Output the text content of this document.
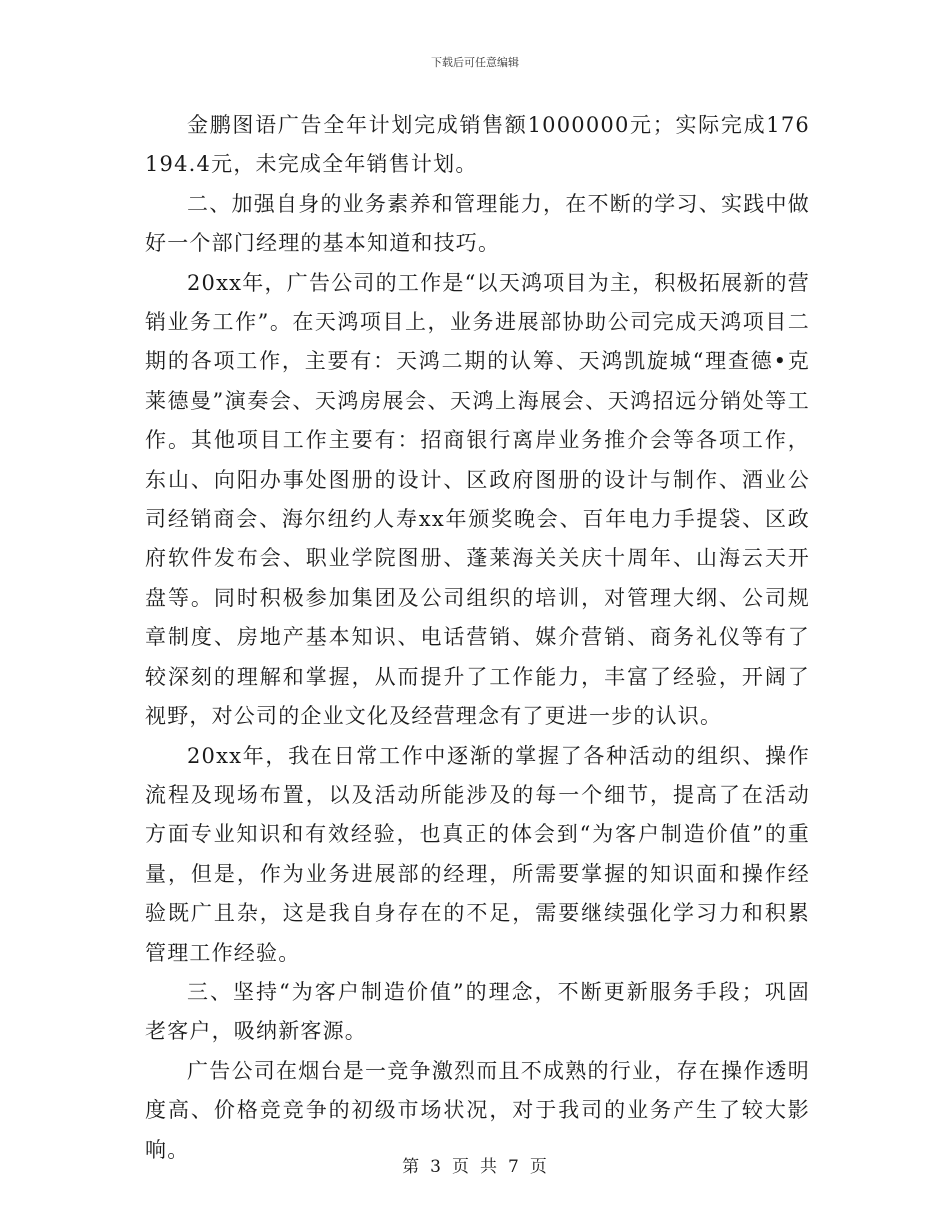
下载后可任意编辑

金鹏图语广告全年计划完成销售额1000000元；实际完成176194.4元，未完成全年销售计划。

二、加强自身的业务素养和管理能力，在不断的学习、实践中做好一个部门经理的基本知道和技巧。

20xx年，广告公司的工作是“以天鸿项目为主，积极拓展新的营销业务工作”。在天鸿项目上，业务进展部协助公司完成天鸿项目二期的各项工作，主要有：天鸿二期的认筹、天鸿凯旋城“理查德•克莱德曼”演奏会、天鸿房展会、天鸿上海展会、天鸿招远分销处等工作。其他项目工作主要有：招商银行离岸业务推介会等各项工作，东山、向阳办事处图册的设计、区政府图册的设计与制作、酒业公司经销商会、海尔纽约人寿xx年颁奖晚会、百年电力手提袋、区政府软件发布会、职业学院图册、蓬莱海关关庆十周年、山海云天开盘等。同时积极参加集团及公司组织的培训，对管理大纲、公司规章制度、房地产基本知识、电话营销、媒介营销、商务礼仪等有了较深刻的理解和掌握，从而提升了工作能力，丰富了经验，开阔了视野，对公司的企业文化及经营理念有了更进一步的认识。

20xx年，我在日常工作中逐渐的掌握了各种活动的组织、操作流程及现场布置，以及活动所能涉及的每一个细节，提高了在活动方面专业知识和有效经验，也真正的体会到“为客户制造价值”的重量，但是，作为业务进展部的经理，所需要掌握的知识面和操作经验既广且杂，这是我自身存在的不足，需要继续强化学习力和积累管理工作经验。

三、坚持“为客户制造价值”的理念，不断更新服务手段；巩固老客户，吸纳新客源。

广告公司在烟台是一竞争激烈而且不成熟的行业，存在操作透明度高、价格竞竞争的初级市场状况，对于我司的业务产生了较大影响。

第 3 页 共 7 页
